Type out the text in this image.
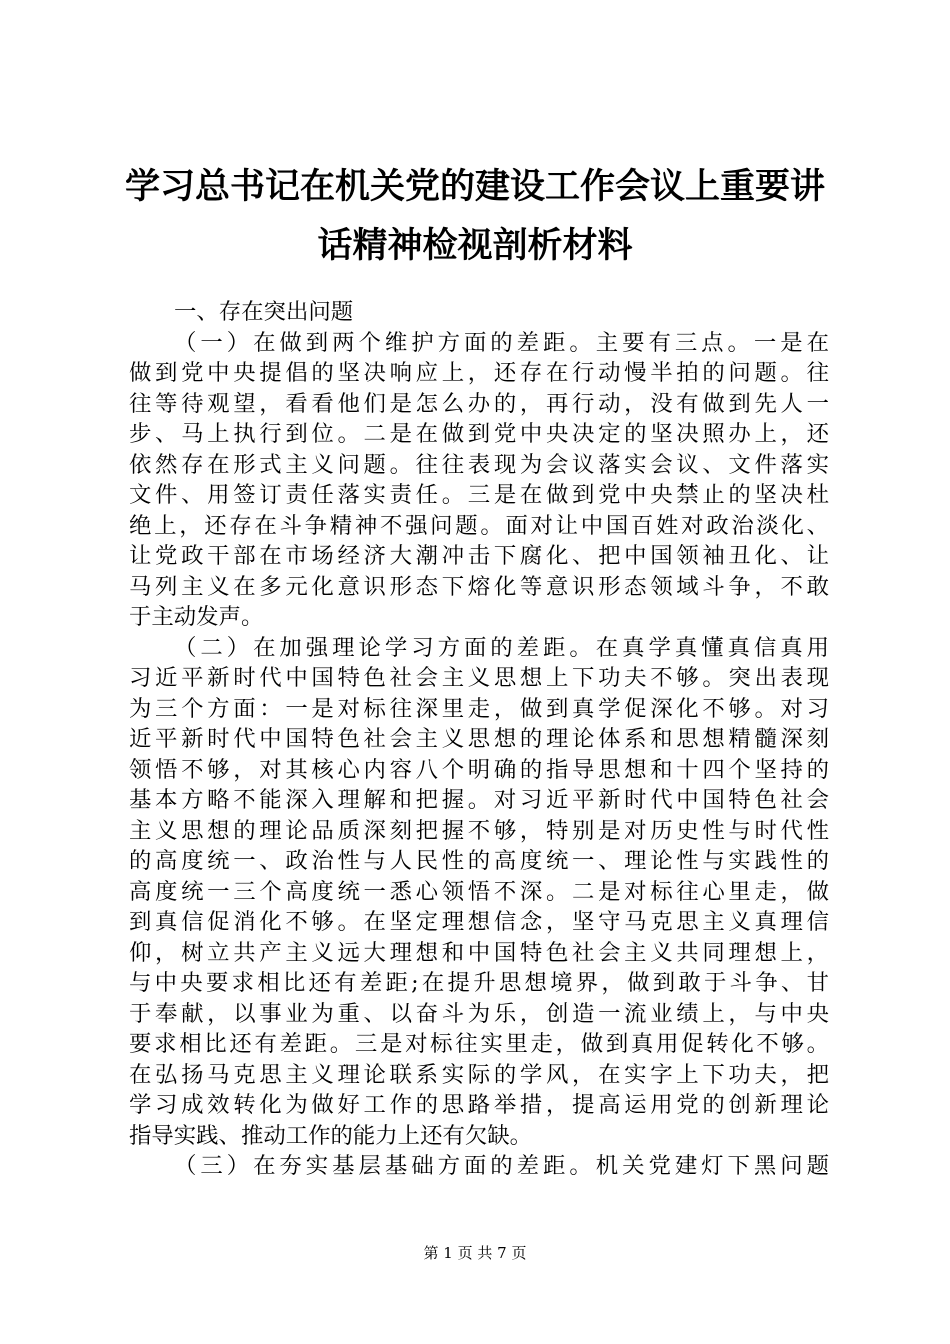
学习总书记在机关党的建设工作会议上重要讲
话精神检视剖析材料
一、存在突出问题
（一）在做到两个维护方面的差距。主要有三点。一是在
做到党中央提倡的坚决响应上，还存在行动慢半拍的问题。往
往等待观望，看看他们是怎么办的，再行动，没有做到先人一
步、马上执行到位。二是在做到党中央决定的坚决照办上，还
依然存在形式主义问题。往往表现为会议落实会议、文件落实
文件、用签订责任落实责任。三是在做到党中央禁止的坚决杜
绝上，还存在斗争精神不强问题。面对让中国百姓对政治淡化、
让党政干部在市场经济大潮冲击下腐化、把中国领袖丑化、让
马列主义在多元化意识形态下熔化等意识形态领域斗争，不敢
于主动发声。
（二）在加强理论学习方面的差距。在真学真懂真信真用
习近平新时代中国特色社会主义思想上下功夫不够。突出表现
为三个方面：一是对标往深里走，做到真学促深化不够。对习
近平新时代中国特色社会主义思想的理论体系和思想精髓深刻
领悟不够，对其核心内容八个明确的指导思想和十四个坚持的
基本方略不能深入理解和把握。对习近平新时代中国特色社会
主义思想的理论品质深刻把握不够，特别是对历史性与时代性
的高度统一、政治性与人民性的高度统一、理论性与实践性的
高度统一三个高度统一悉心领悟不深。二是对标往心里走，做
到真信促消化不够。在坚定理想信念，坚守马克思主义真理信
仰，树立共产主义远大理想和中国特色社会主义共同理想上，
与中央要求相比还有差距;在提升思想境界，做到敢于斗争、甘
于奉献，以事业为重、以奋斗为乐，创造一流业绩上，与中央
要求相比还有差距。三是对标往实里走，做到真用促转化不够。
在弘扬马克思主义理论联系实际的学风，在实字上下功夫，把
学习成效转化为做好工作的思路举措，提高运用党的创新理论
指导实践、推动工作的能力上还有欠缺。
（三）在夯实基层基础方面的差距。机关党建灯下黑问题
第 1 页 共 7 页
